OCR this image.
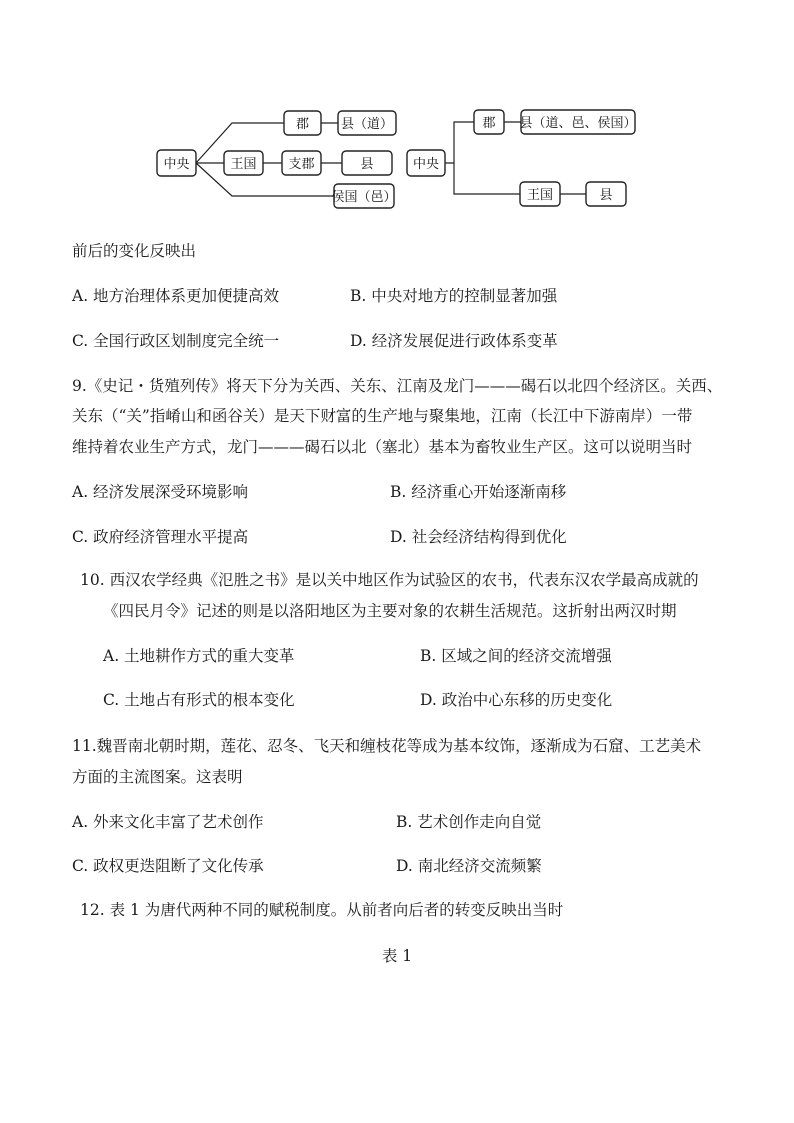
中央
郡 县（道）
王国 支郡	县
侯国（邑）
中央
郡 县（道、邑、侯国）
王国	县
前后的变化反映出
A. 地方治理体系更加便捷高效	B. 中央对地方的控制显著加强
C. 全国行政区划制度完全统一	D. 经济发展促进行政体系变革
9.《史记・货殖列传》将天下分为关西、关东、江南及龙门———碣石以北四个经济区。关西、
关东（“关”指崤山和函谷关）是天下财富的生产地与聚集地，江南（长江中下游南岸）一带
维持着农业生产方式，龙门———碣石以北（塞北）基本为畜牧业生产区。这可以说明当时
A. 经济发展深受环境影响	B. 经济重心开始逐渐南移
C. 政府经济管理水平提高	D. 社会经济结构得到优化
10. 西汉农学经典《氾胜之书》是以关中地区作为试验区的农书，代表东汉农学最高成就的
《四民月令》记述的则是以洛阳地区为主要对象的农耕生活规范。这折射出两汉时期
A. 土地耕作方式的重大变革	B. 区域之间的经济交流增强
C. 土地占有形式的根本变化	D. 政治中心东移的历史变化
11.魏晋南北朝时期，莲花、忍冬、飞天和缠枝花等成为基本纹饰，逐渐成为石窟、工艺美术
方面的主流图案。这表明
A. 外来文化丰富了艺术创作	B. 艺术创作走向自觉
C. 政权更迭阻断了文化传承	D. 南北经济交流频繁
12. 表 1 为唐代两种不同的赋税制度。从前者向后者的转变反映出当时
表 1
